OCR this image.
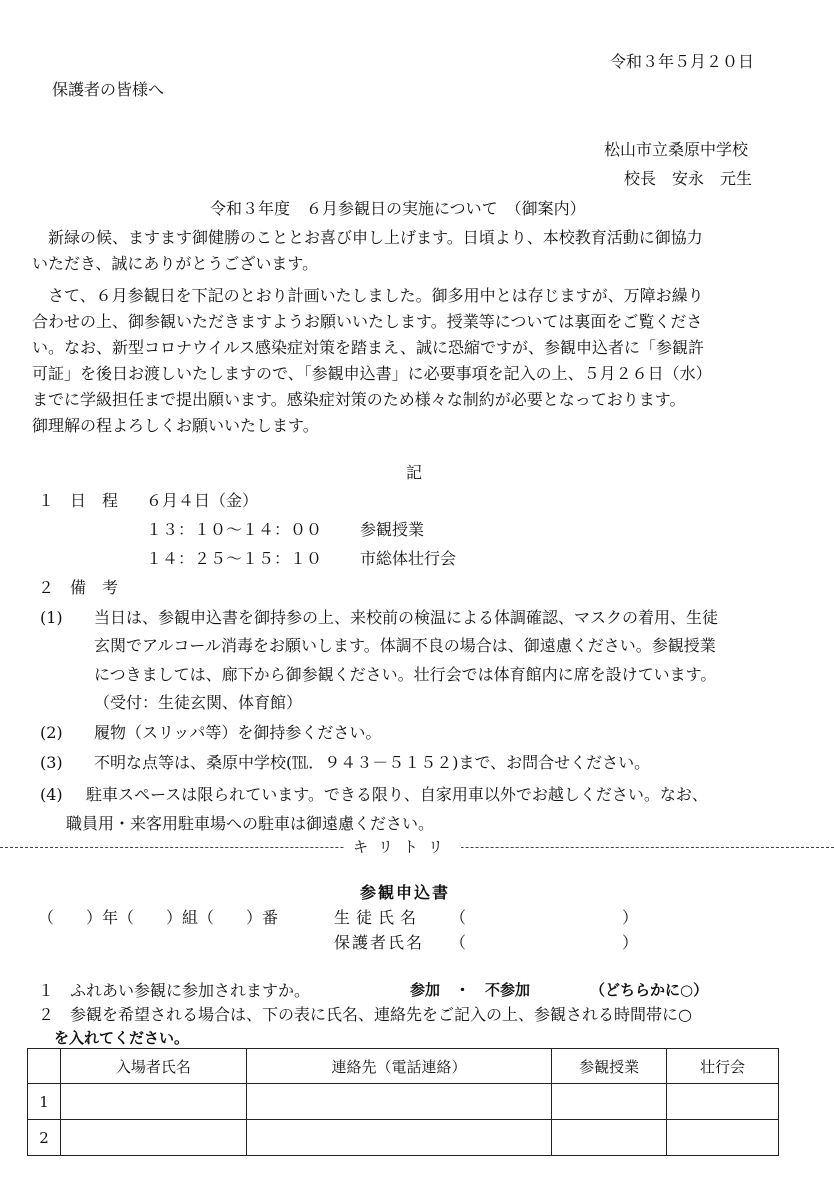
令和３年５月２０日
保護者の皆様へ
松山市立桑原中学校
校長　安永　元生
令和３年度　６月参観日の実施について　（御案内）
新緑の候、ますます御健勝のこととお喜び申し上げます。日頃より、本校教育活動に御協力
いただき、誠にありがとうございます。
さて、６月参観日を下記のとおり計画いたしました。御多用中とは存じますが、万障お繰り
合わせの上、御参観いただきますようお願いいたします。授業等については裏面をご覧くださ
い。なお、新型コロナウイルス感染症対策を踏まえ、誠に恐縮ですが、参観申込者に「参観許
可証」を後日お渡しいたしますので、「参観申込書」に必要事項を記入の上、５月２６日（水）
までに学級担任まで提出願います。感染症対策のため様々な制約が必要となっております。
御理解の程よろしくお願いいたします。
記
１　日　程 ６月４日（金）
１３：１０～１４：００ 参観授業
１４：２５～１５：１０ 市総体壮行会
２　備　考
(1) 当日は、参観申込書を御持参の上、来校前の検温による体調確認、マスクの着用、生徒
玄関でアルコール消毒をお願いします。体調不良の場合は、御遠慮ください。参観授業
につきましては、廊下から御参観ください。壮行会では体育館内に席を設けています。
（受付：生徒玄関、体育館）
(2) 履物（スリッパ等）を御持参ください。
(3) 不明な点等は、桑原中学校(℡．９４３－５１５２)まで、お問合せください。
(4) 駐車スペースは限られています。できる限り、自家用車以外でお越しください。なお、
職員用・来客用駐車場への駐車は御遠慮ください。
キリトリ
参観申込書
（　　）年（　　）組（　　）番	生徒氏名 （	）
保護者氏名 （	）
１　ふれあい参観に参加されますか。	参加　・　不参加	（どちらかに○）
２　参観を希望される場合は、下の表に氏名、連絡先をご記入の上、参観される時間帯に○
を入れてください。
	入場者氏名	連絡先（電話連絡）	参観授業	壮行会
1				
2				
